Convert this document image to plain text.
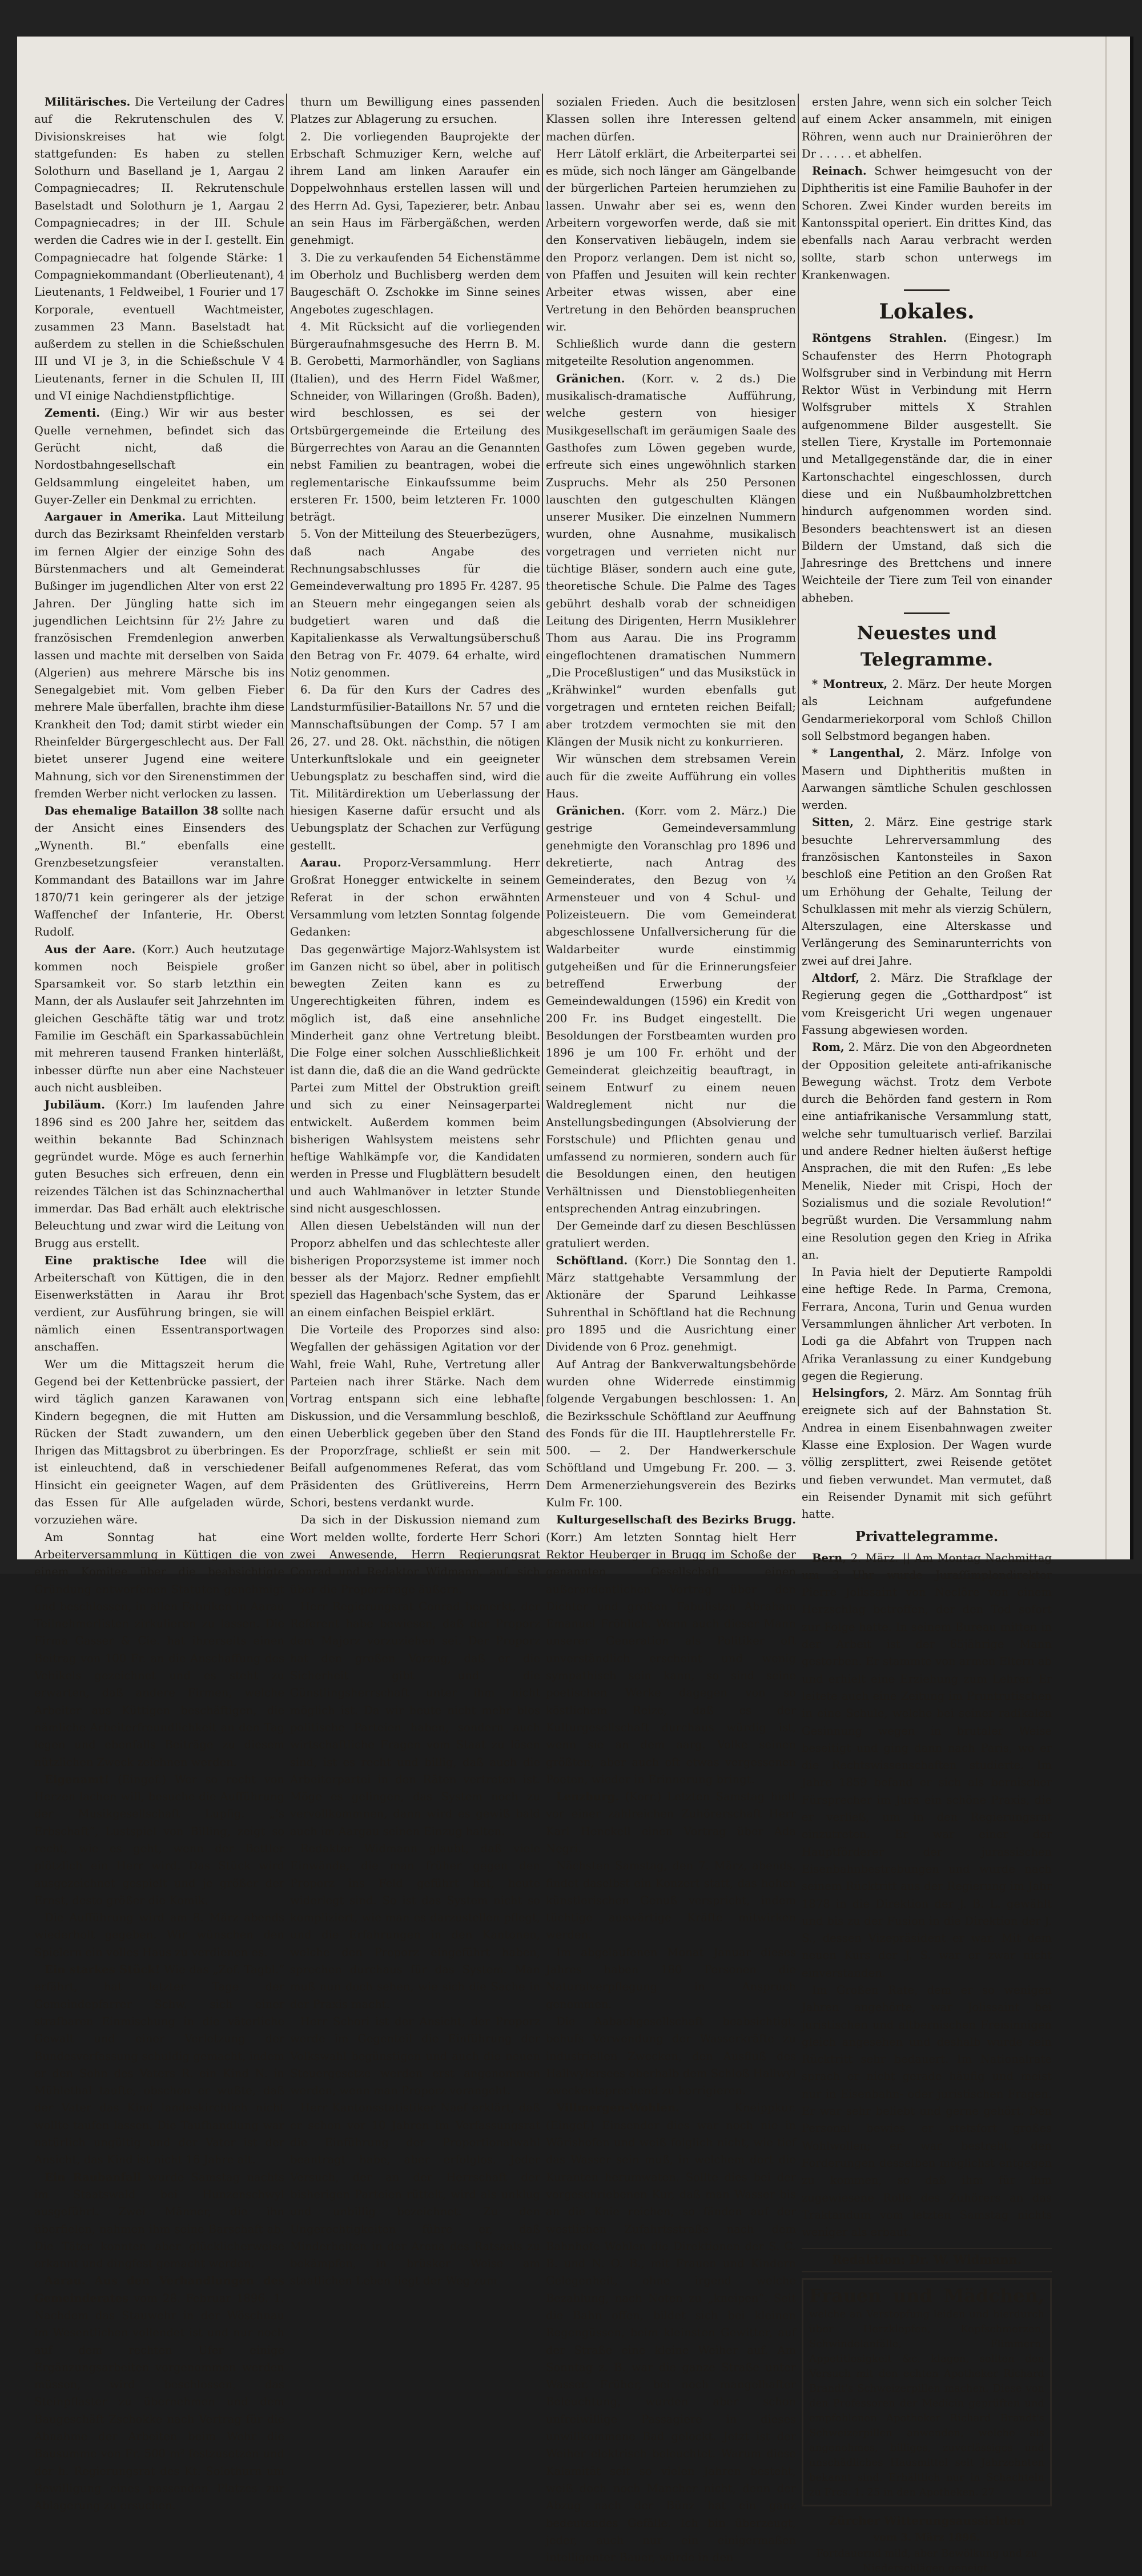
Militärisches. Die Verteilung der Cadres auf die Rekrutenschulen des V. Divisionskreises hat wie folgt stattgefunden: Es haben zu stellen Solothurn und Baselland je 1, Aargau 2 Compagniecadres; II. Rekrutenschule Baselstadt und Solothurn je 1, Aargau 2 Compagniecadres; in der III. Schule werden die Cadres wie in der I. gestellt. Ein Compagniecadre hat folgende Stärke: 1 Compagniekommandant (Oberlieutenant), 4 Lieutenants, 1 Feldweibel, 1 Fourier und 17 Korporale, eventuell Wachtmeister, zusammen 23 Mann. Baselstadt hat außerdem zu stellen in die Schießschulen III und VI je 3, in die Schießschule V 4 Lieutenants, ferner in die Schulen II, III und VI einige Nachdienstpflichtige.

Zementi. (Eing.) Wir wir aus bester Quelle vernehmen, befindet sich das Gerücht nicht, daß die Nordostbahngesellschaft ein Geldsammlung eingeleitet haben, um Guyer-Zeller ein Denkmal zu errichten.

Aargauer in Amerika. Laut Mitteilung durch das Bezirksamt Rheinfelden verstarb im fernen Algier der einzige Sohn des Bürstenmachers und alt Gemeinderat Bußinger im jugendlichen Alter von erst 22 Jahren. Der Jüngling hatte sich im jugendlichen Leichtsinn für 2½ Jahre zu französischen Fremdenlegion anwerben lassen und machte mit derselben von Saida (Algerien) aus mehrere Märsche bis ins Senegalgebiet mit. Vom gelben Fieber mehrere Male überfallen, brachte ihm diese Krankheit den Tod; damit stirbt wieder ein Rheinfelder Bürgergeschlecht aus. Der Fall bietet unserer Jugend eine weitere Mahnung, sich vor den Sirenenstimmen der fremden Werber nicht verlocken zu lassen.

Das ehemalige Bataillon 38 sollte nach der Ansicht eines Einsenders des „Wynenth. Bl.“ ebenfalls eine Grenzbesetzungsfeier veranstalten. Kommandant des Bataillons war im Jahre 1870/71 kein geringerer als der jetzige Waffenchef der Infanterie, Hr. Oberst Rudolf.

Aus der Aare. (Korr.) Auch heutzutage kommen noch Beispiele großer Sparsamkeit vor. So starb letzthin ein Mann, der als Auslaufer seit Jahrzehnten im gleichen Geschäfte tätig war und trotz Familie im Geschäft ein Sparkassabüchlein mit mehreren tausend Franken hinterläßt, inbesser dürfte nun aber eine Nachsteuer auch nicht ausbleiben.

Jubiläum. (Korr.) Im laufenden Jahre 1896 sind es 200 Jahre her, seitdem das weithin bekannte Bad Schinznach gegründet wurde. Möge es auch fernerhin guten Besuches sich erfreuen, denn ein reizendes Tälchen ist das Schinznacherthal immerdar. Das Bad erhält auch elektrische Beleuchtung und zwar wird die Leitung von Brugg aus erstellt.

Eine praktische Idee will die Arbeiterschaft von Küttigen, die in den Eisenwerkstätten in Aarau ihr Brot verdient, zur Ausführung bringen, sie will nämlich einen Essentransportwagen anschaffen.

Wer um die Mittagszeit herum die Gegend bei der Kettenbrücke passiert, der wird täglich ganzen Karawanen von Kindern begegnen, die mit Hutten am Rücken der Stadt zuwandern, um den Ihrigen das Mittagsbrot zu überbringen. Es ist einleuchtend, daß in verschiedener Hinsicht ein geeigneter Wagen, auf dem das Essen für Alle aufgeladen würde, vorzuziehen wäre.

Am Sonntag hat eine Arbeiterversammlung in Küttigen die von einem Komitee über die beabsichtigte Gründung entworfenen Statuten genehmigt und beschlossen, in allen Fabriken in Aarau Teilnehmerlisten zirkulieren zu lassen. Die Firma Gasser & Cie. hat ihrerseits einen Beitrag von 100 Fr. an die Anschaffung des Vehikels gezeichnet und es steht zu erwarten, daß andere Firmen, welche Arbeiter aus Küttigen beschäftigen, die nämliche Arbeiterfreundlichkeit an den Tag legen und ebenfalls Beiträge zu diesem nützlichen Zweck zeichnen werden.

Eigenamt! (Eingef.) Wer so recht von Herzen lachen will, besuche die Aufführung der Musikgesellschaft Lupfig. „’s Erbschaft“, Lustspiel von Billing, zeigt so recht, wie es geht, wenn der Bettler plötzlich ein Herr wird. Das Stück wird ausgezeichnet gespielt und je größer der Ernst, desto größer die Komik.

Die Aufführung wird am 8. März abends wiederholt gegeben. Wir wünschen den Spielern ein volles Haus zu verdienen es.

Ein starkes Stück! Wie das „Zof. Tagbl.“ erfährt, hat letzter Tage der Gemeindepfarrer Schw. sich einer strafbaren Einmischung in die väterliche Gewalt und einer Verletzung der Bundesverfassung schuldig gemacht, indem er den Sohn des Vaters R. ein Kind N. in Mühlethal taufte, obschon er wußte, daß der Vater das Kind landeskirchlich nicht wollte taufen lassen. Die Taufhandlung war natürlich ungültig und der Vater ist der Ansicht, das Kind ist nicht 16 Jahre alt.

Ein Raubanfall wurde Samstag nachts im Staatswald bei Hunzenschwyl ausgeführt. Zwei Männer, die ihn überfielen, nahmen ihm seine Barschaft ab. Die Täter konnten aber glücklicherweise erkannt und dingfest gemacht werden.

Aarau. Aus den Verhandlungen des Gemeinderates vom 28. Februar 1896. 1. Nachdem das Stauwehr in der Wöschnau im Wesentlichen vollendet ist und nur noch auf dem rechten Ufer einige Ergänzungsarbeiten vorgenommen werden müssen, wird beschlossen, das Steinpflaster zu übernehmen und dem Baugeschäft Zschokke nach Vertrag für die Abnahme der Arbeiten beim Wehr die Bausumme von Fr. 500 m² festzusetzen und der h. Regierungsrat des Kt. Solothurn um Bewilligung eines passenden Platzes zur Ablagerung zu ersuchen.

thurn um Bewilligung eines passenden Platzes zur Ablagerung zu ersuchen.

2. Die vorliegenden Bauprojekte der Erbschaft Schmuziger Kern, welche auf ihrem Land am linken Aaraufer ein Doppelwohnhaus erstellen lassen will und des Herrn Ad. Gysi, Tapezierer, betr. Anbau an sein Haus im Färbergäßchen, werden genehmigt.

3. Die zu verkaufenden 54 Eichenstämme im Oberholz und Buchlisberg werden dem Baugeschäft O. Zschokke im Sinne seines Angebotes zugeschlagen.

4. Mit Rücksicht auf die vorliegenden Bürgeraufnahmsgesuche des Herrn B. M. B. Gerobetti, Marmorhändler, von Saglians (Italien), und des Herrn Fidel Waßmer, Schneider, von Willaringen (Großh. Baden), wird beschlossen, es sei der Ortsbürgergemeinde die Erteilung des Bürgerrechtes von Aarau an die Genannten nebst Familien zu beantragen, wobei die reglementarische Einkaufssumme beim ersteren Fr. 1500, beim letzteren Fr. 1000 beträgt.

5. Von der Mitteilung des Steuerbezügers, daß nach Angabe des Rechnungsabschlusses für die Gemeindeverwaltung pro 1895 Fr. 4287. 95 an Steuern mehr eingegangen seien als budgetiert waren und daß die Kapitalienkasse als Verwaltungsüberschuß den Betrag von Fr. 4079. 64 erhalte, wird Notiz genommen.

6. Da für den Kurs der Cadres des Landsturmfüsilier-Bataillons Nr. 57 und die Mannschaftsübungen der Comp. 57 I am 26, 27. und 28. Okt. nächsthin, die nötigen Unterkunftslokale und ein geeigneter Uebungsplatz zu beschaffen sind, wird die Tit. Militärdirektion um Ueberlassung der hiesigen Kaserne dafür ersucht und als Uebungsplatz der Schachen zur Verfügung gestellt.

Aarau. Proporz-Versammlung. Herr Großrat Honegger entwickelte in seinem Referat in der schon erwähnten Versammlung vom letzten Sonntag folgende Gedanken:

Das gegenwärtige Majorz-Wahlsystem ist im Ganzen nicht so übel, aber in politisch bewegten Zeiten kann es zu Ungerechtigkeiten führen, indem es möglich ist, daß eine ansehnliche Minderheit ganz ohne Vertretung bleibt. Die Folge einer solchen Ausschließlichkeit ist dann die, daß die an die Wand gedrückte Partei zum Mittel der Obstruktion greift und sich zu einer Neinsagerpartei entwickelt. Außerdem kommen beim bisherigen Wahlsystem meistens sehr heftige Wahlkämpfe vor, die Kandidaten werden in Presse und Flugblättern besudelt und auch Wahlmanöver in letzter Stunde sind nicht ausgeschlossen.

Allen diesen Uebelständen will nun der Proporz abhelfen und das schlechteste aller bisherigen Proporzsysteme ist immer noch besser als der Majorz. Redner empfiehlt speziell das Hagenbach'sche System, das er an einem einfachen Beispiel erklärt.

Die Vorteile des Proporzes sind also: Wegfallen der gehässigen Agitation vor der Wahl, freie Wahl, Ruhe, Vertretung aller Parteien nach ihrer Stärke. Nach dem Vortrag entspann sich eine lebhafte Diskussion, und die Versammlung beschloß, einen Ueberblick gegeben über den Stand der Proporzfrage, schließt er sein mit Beifall aufgenommenes Referat, das vom Präsidenten des Grütlivereins, Herrn Schori, bestens verdankt wurde.

Da sich in der Diskussion niemand zum Wort melden wollte, forderte Herr Schori zwei Anwesende, Herrn Regierungsrat Conrad und Redaktor Widmann, auf, sich über die Proporzfrage äußern.

Herr Regierungsrat Conrad bemerkt, der Referent habe bewiesen, daß der Proporz dem Majorz vorzuziehen sei. Der Proporz hat den großen Vorzug, daß er die Sicherheit gibt und die Günstlingsherrschaft unter ihm nicht möglich ist. Da wir heute nicht mehr blos politische Parteien haben, sondern auch wirtschaftliche Fragen vom Staat zu lösen sind, ist es recht und billig, daß auch die Arbeiterpartei in den Räten vertreten ist. Möge es gelingen, das System noch zu vervollkommnen, dann wird es gewiß bald auch im Aargau seinen Einzug halten.

Redaktor Widmann glaubt, daß viele Einwände, die man früher gegen den Proporz ins Feld geführt hat, heute widerlegt sind. So ist das System nicht so kompliziert, wie man es darzustellen pflegt, und die Erfahrungen in den Kantonen, welche den Proporz eingeführt haben, sprechen durchaus für das System. Man muß nun doch sehen, wie sich die Sache in der Praxis macht.

Herr Schori ist der Ansicht, der Proporz werde im Gegenteil die Einführung der Volkswahl begünstigen und auch die neuen Steuergesetze werden erst angenommen werden, wenn man Proporz vorangeht.

Herr Kantonsstatistiker Naef erklärt, daß er schon vor 10 Jahren im Verfassungsrat die Einführung der Proportionalwahl beantragt habe, aber erfolglos. Jeder Versuch, der an der Herrschaft der bisherigen Parteien rüttelt, wird als unklug und unbillig bezeichnet. Zu den Ungerechtigkeiten führe er, daß Minderheiten in der Arena des Ratsaals zu bekämpfen, in brüsker Weise am staatlichen Leben liegt der Weg zum

sozialen Frieden. Auch die besitzlosen Klassen sollen ihre Interessen geltend machen dürfen.

Herr Lätolf erklärt, die Arbeiterpartei sei es müde, sich noch länger am Gängelbande der bürgerlichen Parteien herumziehen zu lassen. Unwahr aber sei es, wenn den Arbeitern vorgeworfen werde, daß sie mit den Konservativen liebäugeln, indem sie den Proporz verlangen. Dem ist nicht so, von Pfaffen und Jesuiten will kein rechter Arbeiter etwas wissen, aber eine Vertretung in den Behörden beanspruchen wir.

Schließlich wurde dann die gestern mitgeteilte Resolution angenommen.

Gränichen. (Korr. v. 2 ds.) Die musikalisch-dramatische Aufführung, welche gestern von hiesiger Musikgesellschaft im geräumigen Saale des Gasthofes zum Löwen gegeben wurde, erfreute sich eines ungewöhnlich starken Zuspruchs. Mehr als 250 Personen lauschten den gutgeschulten Klängen unserer Musiker. Die einzelnen Nummern wurden, ohne Ausnahme, musikalisch vorgetragen und verrieten nicht nur tüchtige Bläser, sondern auch eine gute, theoretische Schule. Die Palme des Tages gebührt deshalb vorab der schneidigen Leitung des Dirigenten, Herrn Musiklehrer Thom aus Aarau. Die ins Programm eingeflochtenen dramatischen Nummern „Die Proceßlustigen“ und das Musikstück in „Krähwinkel“ wurden ebenfalls gut vorgetragen und ernteten reichen Beifall; aber trotzdem vermochten sie mit den Klängen der Musik nicht zu konkurrieren.

Wir wünschen dem strebsamen Verein auch für die zweite Aufführung ein volles Haus.

Gränichen. (Korr. vom 2. März.) Die gestrige Gemeindeversammlung genehmigte den Voranschlag pro 1896 und dekretierte, nach Antrag des Gemeinderates, den Bezug von ¼ Armensteuer und von 4 Schul- und Polizeisteuern. Die vom Gemeinderat abgeschlossene Unfallversicherung für die Waldarbeiter wurde einstimmig gutgeheißen und für die Erinnerungsfeier betreffend Erwerbung der Gemeindewaldungen (1596) ein Kredit von 200 Fr. ins Budget eingestellt. Die Besoldungen der Forstbeamten wurden pro 1896 je um 100 Fr. erhöht und der Gemeinderat gleichzeitig beauftragt, in seinem Entwurf zu einem neuen Waldreglement nicht nur die Anstellungsbedingungen (Absolvierung der Forstschule) und Pflichten genau und umfassend zu normieren, sondern auch für die Besoldungen einen, den heutigen Verhältnissen und Dienstobliegenheiten entsprechenden Antrag einzubringen.

Der Gemeinde darf zu diesen Beschlüssen gratuliert werden.

Schöftland. (Korr.) Die Sonntag den 1. März stattgehabte Versammlung der Aktionäre der Sparund Leihkasse Suhrenthal in Schöftland hat die Rechnung pro 1895 und die Ausrichtung einer Dividende von 6 Proz. genehmigt.

Auf Antrag der Bankverwaltungsbehörde wurden ohne Widerrede einstimmig folgende Vergabungen beschlossen: 1. An die Bezirksschule Schöftland zur Aeuffnung des Fonds für die III. Hauptlehrerstelle Fr. 500. — 2. Der Handwerkerschule Schöftland und Umgebung Fr. 200. — 3. Dem Armenerziehungsverein des Bezirks Kulm Fr. 100.

Kulturgesellschaft des Bezirks Brugg. (Korr.) Am letzten Sonntag hielt Herr Rektor Heuberger in Brugg im Schoße der genannten Gesellschaft einen außerordentlichen Vortrag über den Dichter und großen Fabulisten Abraham Emanuel Fröhlich. Wenn auch dieser Mann unserer Generation als Politiker oft unverständlich erscheint und wenig sympathisch sein kann, so sind seine poetischen Werke dagegen von so köstlichem Reize, daß es der Kulturgesellschaft durchaus würdig ist, wenn sie an dem aarg. Volke seinen größten, aber auch oft etwas vergessenen Poeten, wieder in Erinnerung bringt.

Lenzburg. (Korr.) Letzten Samstag hielt vor einer zahlreichen Zuhörerschaft Herr Karl Henckell einen Vortrag über Ada Negri.

Nächsten Samstag, den 7. März, abends, findet daselbst ein Konzert statt, das hohen künstlerischen Genuß verspricht, indem tüchtige auswärtige Kräfte mitwirken werden.

Im abgelaufenen Monat Januar dieses Jahres haben 180 Personen die Naturalverpflegung in Anspruch genommen.

Die Aabachgesellschaft beabsichtigt, behufs Verwendung der Wasserkräfte zu industriellen Zwecken, den Ausfluß des Hallwylersees oberhalb dem Schloß Hallwyl zweckentsprechend zu korrigieren.

Villmergen-Wohlen.	Kneippkur. (Eingef.) Einsender dies war noch nie in Wörishofen und weiß folglich nicht, wie tief das Wasser sein muß, in welchem dort die Kuranten herumwaten. Sollte dies bei der vorgeschriebenen Kur, daß man Wasser bis an die Knie reichen, so fänden auf der westlichen Zufahrtsstraße nach dem Bahnhofe Wohlen die Direktionen der S. C. B. und N. O. B., mit Frauen und Kindern Gelegenheit, ohne irgend welche Bezahlung, nach Noten zu „kneipen“. Seit die Bahn offen, bildet sich bei kleinen Regengüssen, beim kleinsten Gewitter, auf der Straße eine kleine Weiher auf. Am Sonntag z. B. war die ganze Straße unter Wasser. Früher, bei noch mangelhafter Beleuchtung, wurden aber schon unfreiwillige Passagiere in dieses unwillkommene Bad gelockt. Jetzt ist der Weiher elektrisch beleuchtet. Warum diese Kalamität seit so vielen Jahren besteht, weiß doch noch Mancher nicht, denn der Abzug nach der Bünz hat ein ganz bedeutendes Gefälle. Ich bin überzeugt, jeder, auch nur ein einigermaßen intelligenter Bauer, würde in den

ersten Jahre, wenn sich ein solcher Teich auf einem Acker ansammeln, mit einigen Röhren, wenn auch nur Drainieröhren der Dr . . . . . et abhelfen.

Reinach. Schwer heimgesucht von der Diphtheritis ist eine Familie Bauhofer in der Schoren. Zwei Kinder wurden bereits im Kantonsspital operiert. Ein drittes Kind, das ebenfalls nach Aarau verbracht werden sollte, starb schon unterwegs im Krankenwagen.

Lokales.

Röntgens Strahlen. (Eingesr.) Im Schaufenster des Herrn Photograph Wolfsgruber sind in Verbindung mit Herrn Rektor Wüst in Verbindung mit Herrn Wolfsgruber mittels X Strahlen aufgenommene Bilder ausgestellt. Sie stellen Tiere, Krystalle im Portemonnaie und Metallgegenstände dar, die in einer Kartonschachtel eingeschlossen, durch diese und ein Nußbaumholzbrettchen hindurch aufgenommen worden sind. Besonders beachtenswert ist an diesen Bildern der Umstand, daß sich die Jahresringe des Brettchens und innere Weichteile der Tiere zum Teil von einander abheben.

Neuestes und Telegramme.

* Montreux, 2. März. Der heute Morgen als Leichnam aufgefundene Gendarmeriekorporal vom Schloß Chillon soll Selbstmord begangen haben.

* Langenthal, 2. März. Infolge von Masern und Diphtheritis mußten in Aarwangen sämtliche Schulen geschlossen werden.

Sitten, 2. März. Eine gestrige stark besuchte Lehrerversammlung des französischen Kantonsteiles in Saxon beschloß eine Petition an den Großen Rat um Erhöhung der Gehalte, Teilung der Schulklassen mit mehr als vierzig Schülern, Alterszulagen, eine Alterskasse und Verlängerung des Seminarunterrichts von zwei auf drei Jahre.

Altdorf, 2. März. Die Strafklage der Regierung gegen die „Gotthardpost“ ist vom Kreisgericht Uri wegen ungenauer Fassung abgewiesen worden.

Rom, 2. März. Die von den Abgeordneten der Opposition geleitete anti-afrikanische Bewegung wächst. Trotz dem Verbote durch die Behörden fand gestern in Rom eine antiafrikanische Versammlung statt, welche sehr tumultuarisch verlief. Barzilai und andere Redner hielten äußerst heftige Ansprachen, die mit den Rufen: „Es lebe Menelik, Nieder mit Crispi, Hoch der Sozialismus und die soziale Revolution!“ begrüßt wurden. Die Versammlung nahm eine Resolution gegen den Krieg in Afrika an.

In Pavia hielt der Deputierte Rampoldi eine heftige Rede. In Parma, Cremona, Ferrara, Ancona, Turin und Genua wurden Versammlungen ähnlicher Art verboten. In Lodi ga die Abfahrt von Truppen nach Afrika Veranlassung zu einer Kundgebung gegen die Regierung.

Helsingfors, 2. März. Am Sonntag früh ereignete sich auf der Bahnstation St. Andrea in einem Eisenbahnwagen zweiter Klasse eine Explosion. Der Wagen wurde völlig zersplittert, zwei Reisende getötet und fieben verwundet. Man vermutet, daß ein Reisender Dynamit mit sich geführt hatte.

Privattelegramme.

Bern, 2. März. || Am Montag Nachmittag um 3 Uhr wurde Juraſſimplondirektor Pierre Jolissaint von Neclöre von einem Herzschlag betroffen, der den Tod sofort zur Folge hatte. In seinem Bureau mitten in der Arbeit ist der 65jährige Mann gestorben. Er stammte von armen Eltern ab und erhielt eine Erziehung zum Lehrer. Er leitete auch eine Zeitung im Pruntrutischen in eine Schule, welche bei seiner radikalen Gesinnung wegen in brutaler Weise beseitigt und ging dann nach Paris, wo er die Rechtswissenschaften studierte. Im Jahre 1859 befand er sich als bernischer Fürsprecher im Jura ein schöne Praxis, die er verließ, um in den Regierungsrat einzutreten. Er war einer der Hauptförderer der jurassischen Eisenbahnbestrebungen und wurde nach seinem Rücktritt aus der Regierung im Jahr 1878 in die Direktion der J. B. L. gewählt und bis zu der Fusion in die Direktion der J. S., dessen Vizepräsident er war. Mit dem neuen Kurs der J. S. war er zwar nicht einverstanden.

Im Großen Rate, dem er so wenigen Jahren angehörte, war Jolissaint bei juristischen und altbernischen Freisinnigen gleich angesehen und deshalb wurde sein Rücktritt sehr bedauert. Im Nationalrate sprach er nicht gerade häufig und meist nur in Eisenbahn- oder juristischen Fragen. Er war sehr beliebt und gerne gehört. Den Personal bewies er stetsfort großes Wohlwollen; er war bestrebt, den Forderungen desselben möglichst entgegen zu kommen, so daß ihm für ihm zugewiesene Rolle des Zuhörers an das Traktandum vom letzten Samstag nichts weniger als erbaut.

Redaktion: Dr. W. Widmann.
Frauen und Mädchen, welche an Verstopfung leiden und hierdurch über Herzklopfen, Kopfschmerzen, Schwindelanfälle, Flimmern, Appetitlosigkeit &c. klagen, sollten den Versuch mit den echten Apotheker Richard Brandt's Schweizerpillen machen. Diese von den Professoren der Medicin geprüften und empfohlenen Apotheker Richard Brandt's Schweizerpillen anwenden, welche als angenehmes, billiges, zuverlässiges und unschädliches Hausmittel seit Jahrzehnten bekannt sind. Erhältlich nur in Schachteln zu Frcs. 1. 25 in den Apotheken. 27
Zürcher Witterungsaussichten
vom 3. März 1896.
Fortdauernd mild, aber Bewölkung und zu Niederschlägen geneigt.
